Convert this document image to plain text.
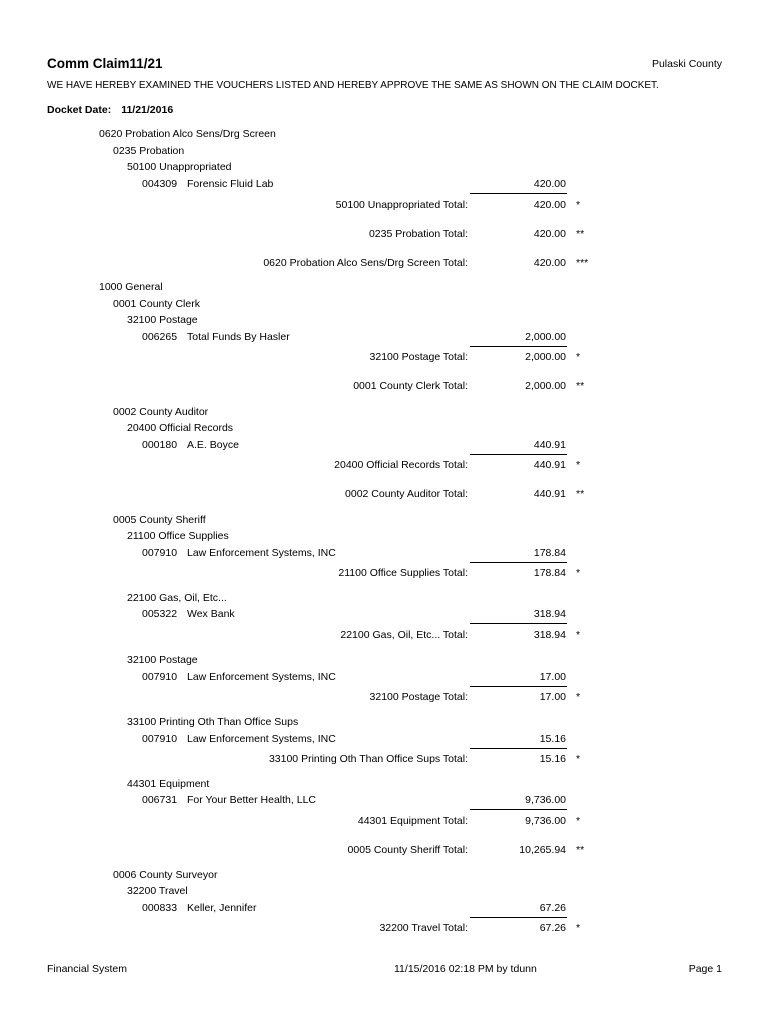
Comm Claim11/21	Pulaski County
WE HAVE HEREBY EXAMINED THE VOUCHERS LISTED AND HEREBY APPROVE THE SAME AS SHOWN ON THE CLAIM DOCKET.
Docket Date: 11/21/2016
0620 Probation Alco Sens/Drg Screen
0235 Probation
50100 Unappropriated
004309 Forensic Fluid Lab	420.00
50100 Unappropriated Total:	420.00 *
0235 Probation Total:	420.00 **
0620 Probation Alco Sens/Drg Screen Total:	420.00 ***
1000 General
0001 County Clerk
32100 Postage
006265 Total Funds By Hasler	2,000.00
32100 Postage Total:	2,000.00 *
0001 County Clerk Total:	2,000.00 **
0002 County Auditor
20400 Official Records
000180 A.E. Boyce	440.91
20400 Official Records Total:	440.91 *
0002 County Auditor Total:	440.91 **
0005 County Sheriff
21100 Office Supplies
007910 Law Enforcement Systems, INC	178.84
21100 Office Supplies Total:	178.84 *
22100 Gas, Oil, Etc...
005322 Wex Bank	318.94
22100 Gas, Oil, Etc... Total:	318.94 *
32100 Postage
007910 Law Enforcement Systems, INC	17.00
32100 Postage Total:	17.00 *
33100 Printing Oth Than Office Sups
007910 Law Enforcement Systems, INC	15.16
33100 Printing Oth Than Office Sups Total:	15.16 *
44301 Equipment
006731 For Your Better Health, LLC	9,736.00
44301 Equipment Total:	9,736.00 *
0005 County Sheriff Total:	10,265.94 **
0006 County Surveyor
32200 Travel
000833 Keller, Jennifer	67.26
32200 Travel Total:	67.26 *
Financial System	11/15/2016 02:18 PM by tdunn	Page 1
